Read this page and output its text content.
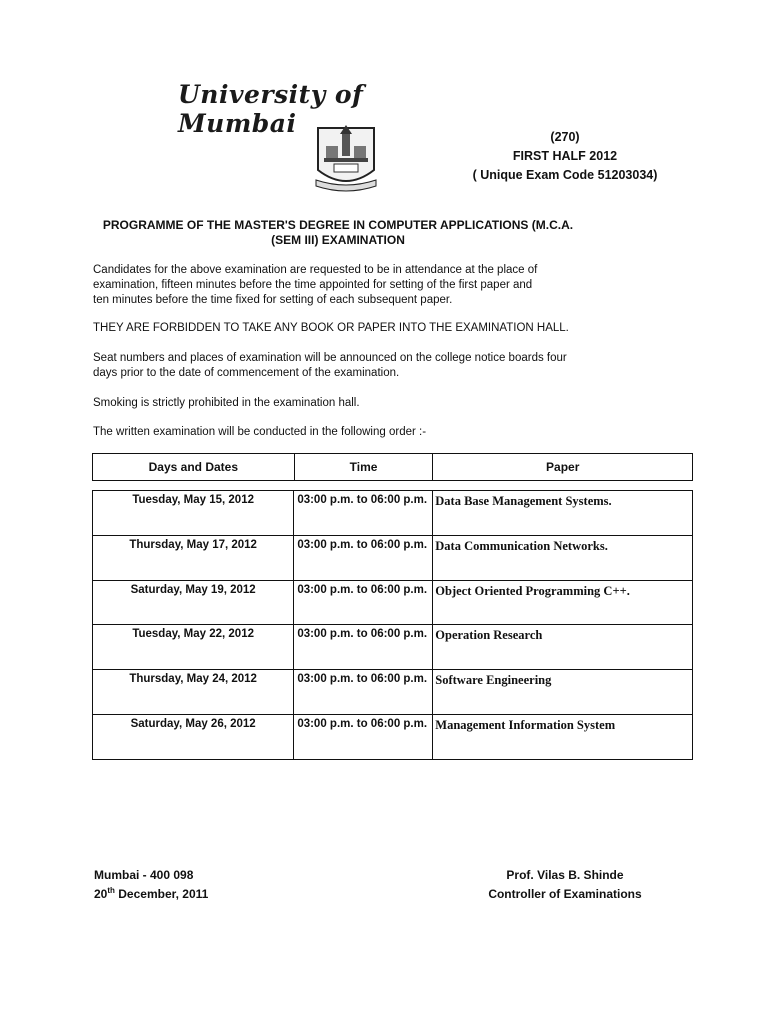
University of Mumbai	(270)
FIRST HALF 2012
( Unique Exam Code 51203034)
PROGRAMME OF THE MASTER'S DEGREE IN COMPUTER APPLICATIONS (M.C.A.
(SEM III) EXAMINATION
Candidates for the above examination are requested to be in attendance at the place of
examination, fifteen minutes before the time appointed for setting of the first paper and
ten minutes before the time fixed for setting of each subsequent paper.
THEY ARE FORBIDDEN TO TAKE ANY BOOK OR PAPER INTO THE EXAMINATION HALL.
Seat numbers and places of examination will be announced on the college notice boards four
days prior to the date of commencement of the examination.
Smoking is strictly prohibited in the examination hall.
The written examination will be conducted in the following order :-
Days and Dates	Time	Paper
Tuesday, May 15, 2012	03:00 p.m. to 06:00 p.m.	Data Base Management Systems.
Thursday, May 17, 2012	03:00 p.m. to 06:00 p.m.	Data Communication Networks.
Saturday, May 19, 2012	03:00 p.m. to 06:00 p.m.	Object Oriented Programming C++.
Tuesday, May 22, 2012	03:00 p.m. to 06:00 p.m.	Operation Research
Thursday, May 24, 2012	03:00 p.m. to 06:00 p.m.	Software Engineering
Saturday, May 26, 2012	03:00 p.m. to 06:00 p.m.	Management Information System
Mumbai - 400 098
20th December, 2011
Prof. Vilas B. Shinde
Controller of Examinations
